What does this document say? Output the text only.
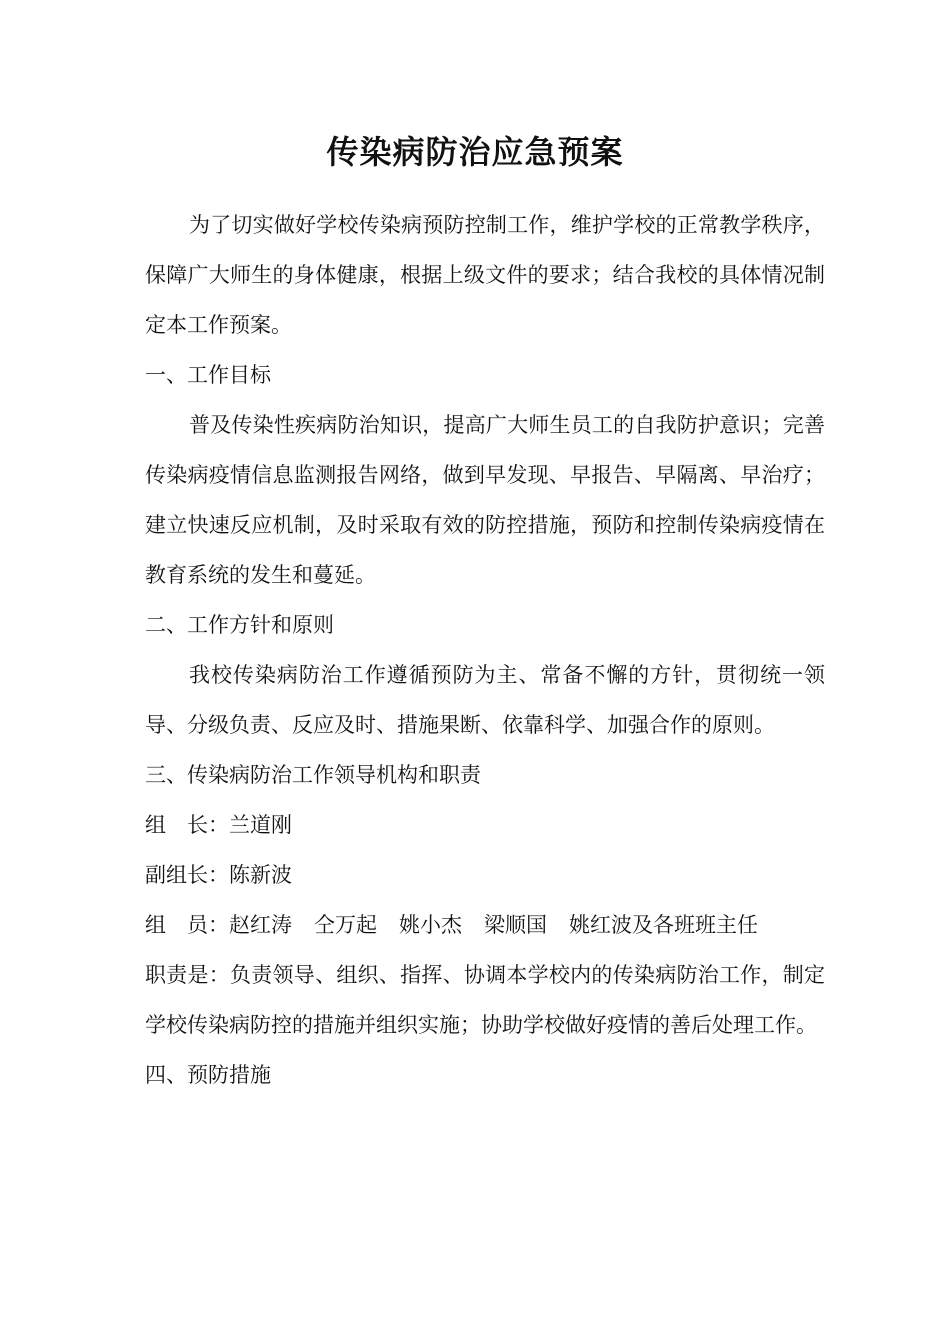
传染病防治应急预案

为了切实做好学校传染病预防控制工作，维护学校的正常教学秩序，保障广大师生的身体健康，根据上级文件的要求；结合我校的具体情况制定本工作预案。

一、工作目标

普及传染性疾病防治知识，提高广大师生员工的自我防护意识；完善传染病疫情信息监测报告网络，做到早发现、早报告、早隔离、早治疗；建立快速反应机制，及时采取有效的防控措施，预防和控制传染病疫情在教育系统的发生和蔓延。

二、工作方针和原则

我校传染病防治工作遵循预防为主、常备不懈的方针，贯彻统一领导、分级负责、反应及时、措施果断、依靠科学、加强合作的原则。

三、传染病防治工作领导机构和职责

组　长：兰道刚

副组长：陈新波

组　员：赵红涛 仝万起 姚小杰 梁顺国 姚红波及各班班主任

职责是：负责领导、组织、指挥、协调本学校内的传染病防治工作，制定学校传染病防控的措施并组织实施；协助学校做好疫情的善后处理工作。

四、预防措施
